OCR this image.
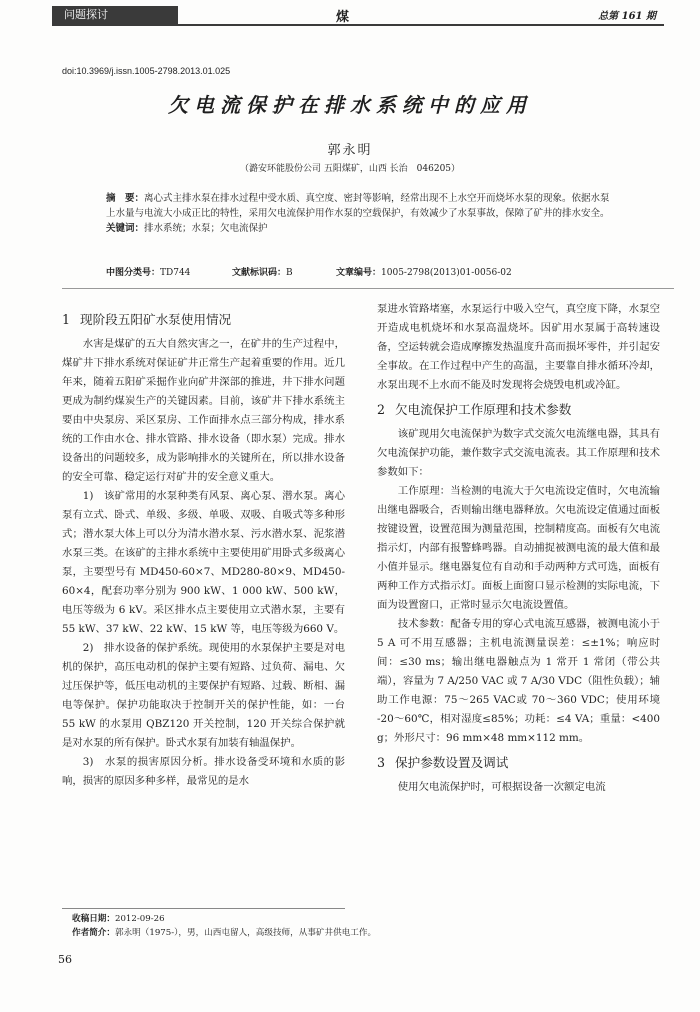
问题探讨	煤	总第 161 期
doi:10.3969/j.issn.1005-2798.2013.01.025
欠电流保护在排水系统中的应用
郭永明
（潞安环能股份公司 五阳煤矿，山西 长治　046205）
摘　要：离心式主排水泵在排水过程中受水质、真空度、密封等影响，经常出现不上水空开而烧坏水泵的现象。依据水泵上水量与电流大小成正比的特性，采用欠电流保护用作水泵的空载保护，有效减少了水泵事故，保障了矿井的排水安全。
关键词：排水系统；水泵；欠电流保护
中图分类号：TD744	文献标识码：B	文章编号：1005-2798(2013)01-0056-02
1 现阶段五阳矿水泵使用情况

水害是煤矿的五大自然灾害之一，在矿井的生产过程中，煤矿井下排水系统对保证矿井正常生产起着重要的作用。近几年来，随着五阳矿采掘作业向矿井深部的推进，井下排水问题更成为制约煤炭生产的关键因素。目前，该矿井下排水系统主要由中央泵房、采区泵房、工作面排水点三部分构成，排水系统的工作由水仓、排水管路、排水设备（即水泵）完成。排水设备出的问题较多，成为影响排水的关键所在，所以排水设备的安全可靠、稳定运行对矿井的安全意义重大。

1)　该矿常用的水泵种类有风泵、离心泵、潜水泵。离心泵有立式、卧式、单级、多级、单吸、双吸、自吸式等多种形式；潜水泵大体上可以分为清水潜水泵、污水潜水泵、泥浆潜水泵三类。在该矿的主排水系统中主要使用矿用卧式多级离心泵，主要型号有 MD450-60×7、MD280-80×9、MD450-60×4，配套功率分别为 900 kW、1 000 kW、500 kW，电压等级为 6 kV。采区排水点主要使用立式潜水泵，主要有55 kW、37 kW、22 kW、15 kW 等，电压等级为660 V。

2)　排水设备的保护系统。现使用的水泵保护主要是对电机的保护，高压电动机的保护主要有短路、过负荷、漏电、欠过压保护等，低压电动机的主要保护有短路、过载、断相、漏电等保护。保护功能取决于控制开关的保护性能，如：一台 55 kW 的水泵用 QBZ120 开关控制，120 开关综合保护就是对水泵的所有保护。卧式水泵有加装有轴温保护。

3)　水泵的损害原因分析。排水设备受环境和水质的影响，损害的原因多种多样，最常见的是水

泵进水管路堵塞，水泵运行中吸入空气，真空度下降，水泵空开造成电机烧坏和水泵高温烧坏。因矿用水泵属于高转速设备，空运转就会造成摩擦发热温度升高而损坏零件，并引起安全事故。在工作过程中产生的高温，主要靠自排水循环冷却，水泵出现不上水而不能及时发现将会烧毁电机或冷缸。

2 欠电流保护工作原理和技术参数

该矿现用欠电流保护为数字式交流欠电流继电器，其具有欠电流保护功能，兼作数字式交流电流表。其工作原理和技术参数如下：

工作原理：当检测的电流大于欠电流设定值时，欠电流输出继电器吸合，否则输出继电器释放。欠电流设定值通过面板按键设置，设置范围为测量范围，控制精度高。面板有欠电流指示灯，内部有报警蜂鸣器。自动捕捉被测电流的最大值和最小值并显示。继电器复位有自动和手动两种方式可选，面板有两种工作方式指示灯。面板上面窗口显示检测的实际电流，下面为设置窗口，正常时显示欠电流设置值。

技术参数：配备专用的穿心式电流互感器，被测电流小于 5 A 可不用互感器；主机电流测量误差：≤±1%；响应时间：≤30 ms；输出继电器触点为 1 常开 1 常闭（带公共端），容量为 7 A/250 VAC 或 7 A/30 VDC（阻性负载）；辅助工作电源：75～265 VAC或 70～360 VDC；使用环境 -20～60℃，相对湿度≤85%；功耗：≤4 VA；重量：<400 g；外形尺寸：96 mm×48 mm×112 mm。

3 保护参数设置及调试

使用欠电流保护时，可根据设备一次额定电流

收稿日期：2012-09-26
作者简介：郭永明（1975-），男，山西屯留人，高级技师，从事矿井供电工作。
56
